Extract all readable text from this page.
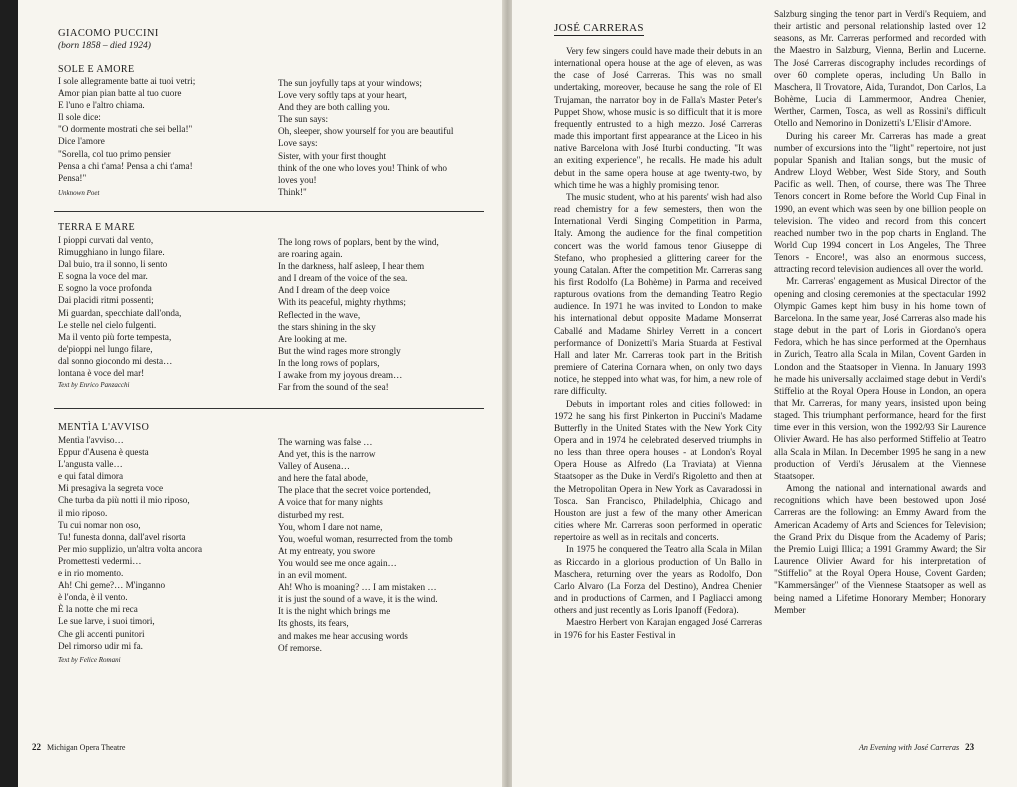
GIACOMO PUCCINI
(born 1858 – died 1924)
SOLE E AMORE
I sole allegramente batte ai tuoi vetri;
Amor pian pian batte al tuo cuore
E l'uno e l'altro chiama.
Il sole dice:
"O dormente mostrati che sei bella!"
Dice l'amore
"Sorella, col tuo primo pensier
Pensa a chi t'ama! Pensa a chi t'ama!
Pensa!"
Unknown Poet
The sun joyfully taps at your windows;
Love very softly taps at your heart,
And they are both calling you.
The sun says:
Oh, sleeper, show yourself for you are beautiful
Love says:
Sister, with your first thought
think of the one who loves you! Think of who
loves you!
Think!"
TERRA E MARE
I pioppi curvati dal vento,
Rimugghiano in lungo filare.
Dal buio, tra il sonno, li sento
E sogna la voce del mar.
E sogno la voce profonda
Dai placidi ritmi possenti;
Mi guardan, specchiate dall'onda,
Le stelle nel cielo fulgenti.
Ma il vento più forte tempesta,
de'pioppi nel lungo filare,
dal sonno giocondo mi desta…
lontana è voce del mar!
Text by Enrico Panzacchi
The long rows of poplars, bent by the wind,
are roaring again.
In the darkness, half asleep, I hear them
and I dream of the voice of the sea.
And I dream of the deep voice
With its peaceful, mighty rhythms;
Reflected in the wave,
the stars shining in the sky
Are looking at me.
But the wind rages more strongly
In the long rows of poplars,
I awake from my joyous dream…
Far from the sound of the sea!
MENTÌA L'AVVISO
Mentìa l'avviso…
Eppur d'Ausena è questa
L'angusta valle…
e qui fatal dimora
Mi presagiva la segreta voce
Che turba da più notti il mio riposo,
il mio riposo.
Tu cui nomar non oso,
Tu! funesta donna, dall'avel risorta
Per mio supplizio, un'altra volta ancora
Promettesti vedermi…
e in rio momento.
Ah! Chi geme?… M'inganno
è l'onda, è il vento.
È la notte che mi reca
Le sue larve, i suoi timori,
Che gli accenti punitori
Del rimorso udir mi fa.
Text by Felice Romani
The warning was false …
And yet, this is the narrow
Valley of Ausena…
and here the fatal abode,
The place that the secret voice portended,
A voice that for many nights
disturbed my rest.
You, whom I dare not name,
You, woeful woman, resurrected from the tomb
At my entreaty, you swore
You would see me once again…
in an evil moment.
Ah! Who is moaning? … I am mistaken …
it is just the sound of a wave, it is the wind.
It is the night which brings me
Its ghosts, its fears,
and makes me hear accusing words
Of remorse.
22 Michigan Opera Theatre
JOSÉ CARRERAS

Very few singers could have made their debuts in an international opera house at the age of eleven, as was the case of José Carreras. This was no small undertaking, moreover, because he sang the role of El Trujaman, the narrator boy in de Falla's Master Peter's Puppet Show, whose music is so difficult that it is more frequently entrusted to a high mezzo. José Carreras made this important first appearance at the Liceo in his native Barcelona with José Iturbi conducting. "It was an exiting experience", he recalls. He made his adult debut in the same opera house at age twenty-two, by which time he was a highly promising tenor.

The music student, who at his parents' wish had also read chemistry for a few semesters, then won the International Verdi Singing Competition in Parma, Italy. Among the audience for the final competition concert was the world famous tenor Giuseppe di Stefano, who prophesied a glittering career for the young Catalan. After the competition Mr. Carreras sang his first Rodolfo (La Bohème) in Parma and received rapturous ovations from the demanding Teatro Regio audience. In 1971 he was invited to London to make his international debut opposite Madame Monserrat Caballé and Madame Shirley Verrett in a concert performance of Donizetti's Maria Stuarda at Festival Hall and later Mr. Carreras took part in the British premiere of Caterina Cornara when, on only two days notice, he stepped into what was, for him, a new role of rare difficulty.

Debuts in important roles and cities followed: in 1972 he sang his first Pinkerton in Puccini's Madame Butterfly in the United States with the New York City Opera and in 1974 he celebrated deserved triumphs in no less than three opera houses - at London's Royal Opera House as Alfredo (La Traviata) at Vienna Staatsoper as the Duke in Verdi's Rigoletto and then at the Metropolitan Opera in New York as Cavaradossi in Tosca. San Francisco, Philadelphia, Chicago and Houston are just a few of the many other American cities where Mr. Carreras soon performed in operatic repertoire as well as in recitals and concerts.

In 1975 he conquered the Teatro alla Scala in Milan as Riccardo in a glorious production of Un Ballo in Maschera, returning over the years as Rodolfo, Don Carlo Alvaro (La Forza del Destino), Andrea Chenier and in productions of Carmen, and I Pagliacci among others and just recently as Loris Ipanoff (Fedora).

Maestro Herbert von Karajan engaged José Carreras in 1976 for his Easter Festival in

Salzburg singing the tenor part in Verdi's Requiem, and their artistic and personal relationship lasted over 12 seasons, as Mr. Carreras performed and recorded with the Maestro in Salzburg, Vienna, Berlin and Lucerne. The José Carreras discography includes recordings of over 60 complete operas, including Un Ballo in Maschera, Il Trovatore, Aida, Turandot, Don Carlos, La Bohème, Lucia di Lammermoor, Andrea Chenier, Werther, Carmen, Tosca, as well as Rossini's difficult Otello and Nemorino in Donizetti's L'Elisir d'Amore.

During his career Mr. Carreras has made a great number of excursions into the "light" repertoire, not just popular Spanish and Italian songs, but the music of Andrew Lloyd Webber, West Side Story, and South Pacific as well. Then, of course, there was The Three Tenors concert in Rome before the World Cup Final in 1990, an event which was seen by one billion people on television. The video and record from this concert reached number two in the pop charts in England. The World Cup 1994 concert in Los Angeles, The Three Tenors - Encore!, was also an enormous success, attracting record television audiences all over the world.

Mr. Carreras' engagement as Musical Director of the opening and closing ceremonies at the spectacular 1992 Olympic Games kept him busy in his home town of Barcelona. In the same year, José Carreras also made his stage debut in the part of Loris in Giordano's opera Fedora, which he has since performed at the Opernhaus in Zurich, Teatro alla Scala in Milan, Covent Garden in London and the Staatsoper in Vienna. In January 1993 he made his universally acclaimed stage debut in Verdi's Stiffelio at the Royal Opera House in London, an opera that Mr. Carreras, for many years, insisted upon being staged. This triumphant performance, heard for the first time ever in this version, won the 1992/93 Sir Laurence Olivier Award. He has also performed Stiffelio at Teatro alla Scala in Milan. In December 1995 he sang in a new production of Verdi's Jérusalem at the Viennese Staatsoper.

Among the national and international awards and recognitions which have been bestowed upon José Carreras are the following: an Emmy Award from the American Academy of Arts and Sciences for Television; the Grand Prix du Disque from the Academy of Paris; the Premio Luigi Illica; a 1991 Grammy Award; the Sir Laurence Olivier Award for his interpretation of "Stiffelio" at the Royal Opera House, Covent Garden; "Kammersänger" of the Viennese Staatsoper as well as being named a Lifetime Honorary Member; Honorary Member

An Evening with José Carreras 23
